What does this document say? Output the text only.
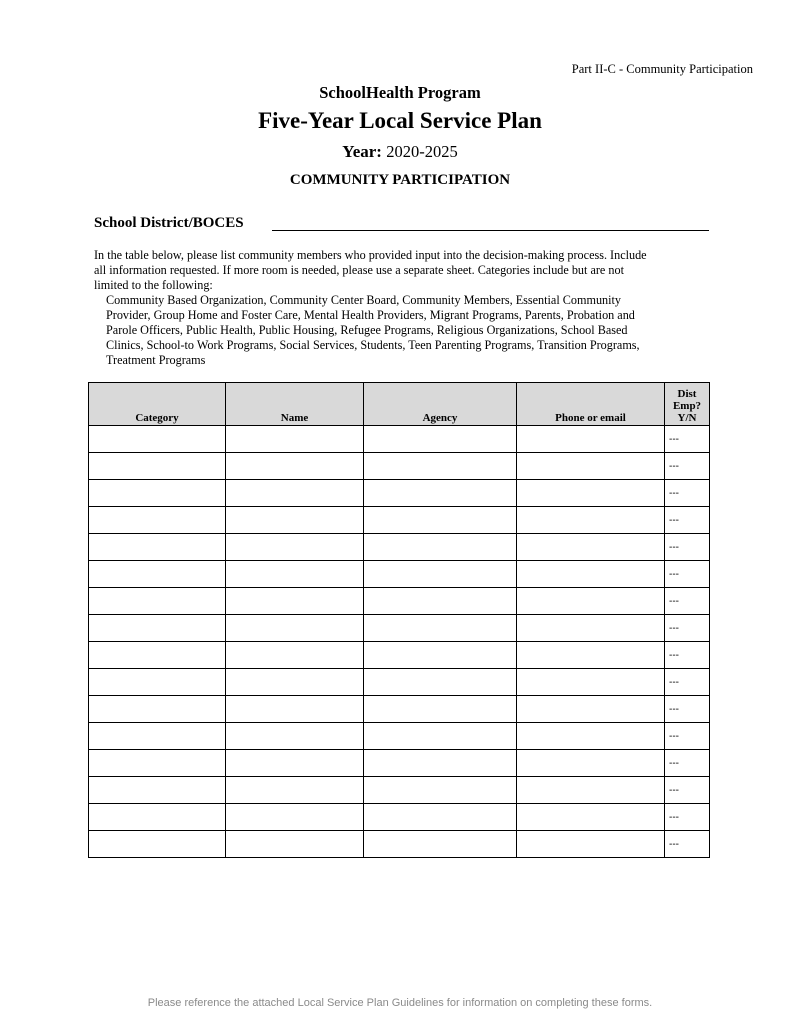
Part II-C - Community Participation
SchoolHealth Program
Five-Year Local Service Plan
Year: 2020-2025
COMMUNITY PARTICIPATION
School District/BOCES
In the table below, please list community members who provided input into the decision-making process. Include
all information requested. If more room is needed, please use a separate sheet. Categories include but are not
limited to the following:
Community Based Organization, Community Center Board, Community Members, Essential Community
Provider, Group Home and Foster Care, Mental Health Providers, Migrant Programs, Parents, Probation and
Parole Officers, Public Health, Public Housing, Refugee Programs, Religious Organizations, School Based
Clinics, School-to Work Programs, Social Services, Students, Teen Parenting Programs, Transition Programs,
Treatment Programs
Category	Name	Agency	Phone or email	Dist
Emp?
Y/N
				---
				---
				---
				---
				---
				---
				---
				---
				---
				---
				---
				---
				---
				---
				---
				---
Please reference the attached Local Service Plan Guidelines for information on completing these forms.
